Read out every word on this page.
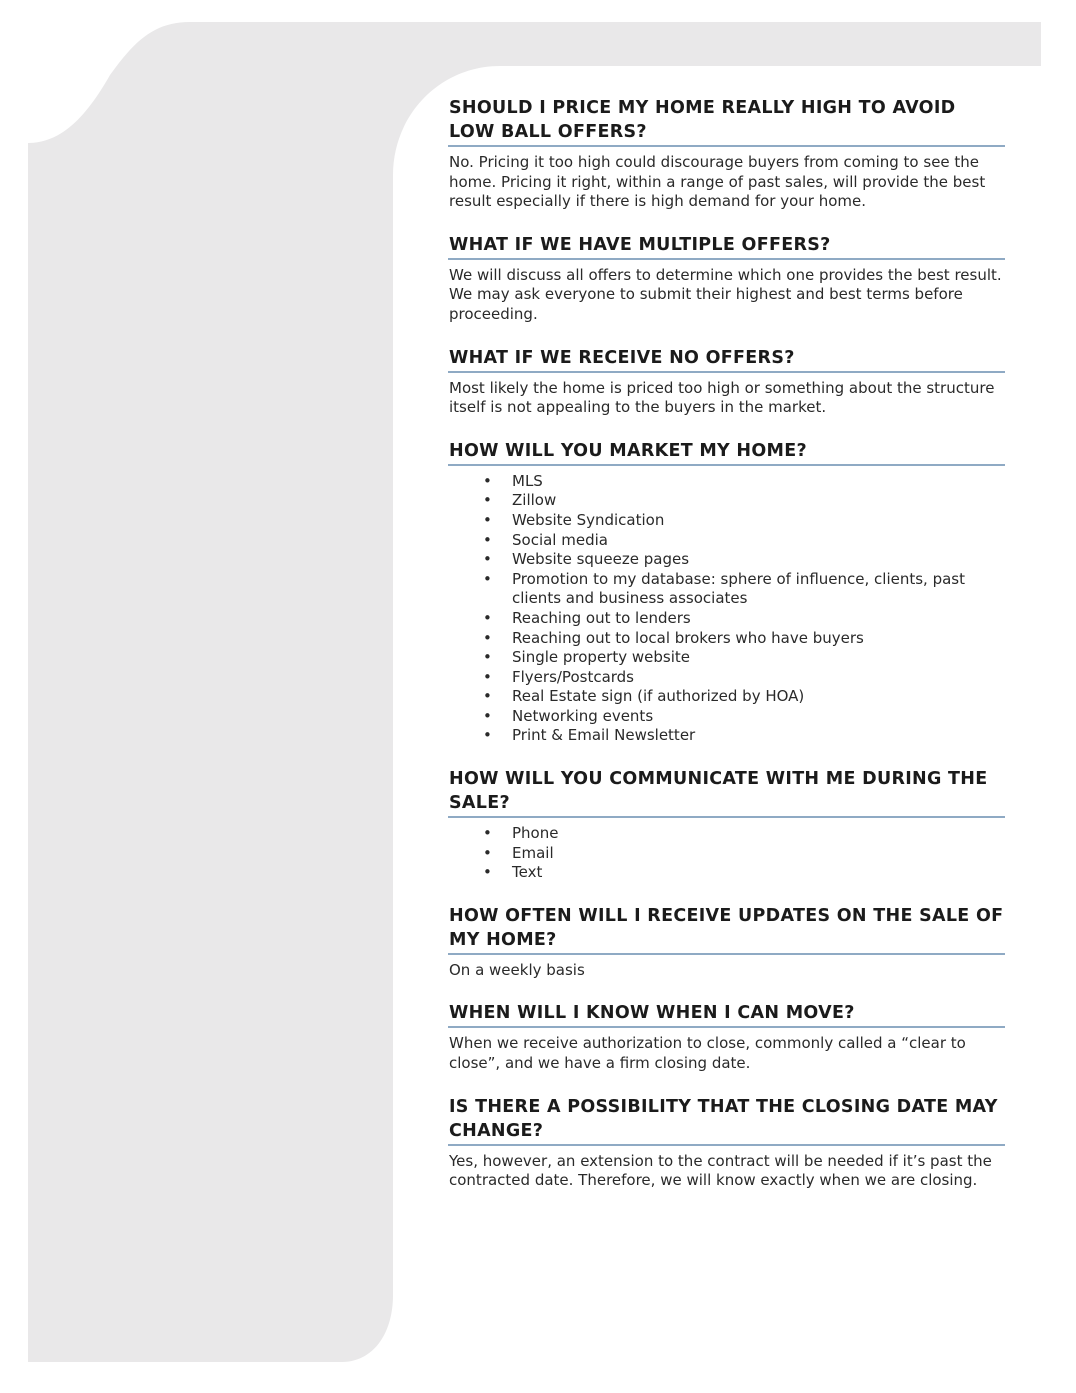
SHOULD I PRICE MY HOME REALLY HIGH TO AVOID LOW BALL OFFERS?

No. Pricing it too high could discourage buyers from coming to see the home. Pricing it right, within a range of past sales, will provide the best result especially if there is high demand for your home.

WHAT IF WE HAVE MULTIPLE OFFERS?

We will discuss all offers to determine which one provides the best result. We may ask everyone to submit their highest and best terms before proceeding.

WHAT IF WE RECEIVE NO OFFERS?

Most likely the home is priced too high or something about the structure itself is not appealing to the buyers in the market.

HOW WILL YOU MARKET MY HOME?
• MLS
• Zillow
• Website Syndication
• Social media
• Website squeeze pages
• Promotion to my database: sphere of influence, clients, past clients and business associates
• Reaching out to lenders
• Reaching out to local brokers who have buyers
• Single property website
• Flyers/Postcards
• Real Estate sign (if authorized by HOA)
• Networking events
• Print & Email Newsletter
HOW WILL YOU COMMUNICATE WITH ME DURING THE SALE?
• Phone
• Email
• Text
HOW OFTEN WILL I RECEIVE UPDATES ON THE SALE OF MY HOME?

On a weekly basis

WHEN WILL I KNOW WHEN I CAN MOVE?

When we receive authorization to close, commonly called a “clear to close”, and we have a firm closing date.

IS THERE A POSSIBILITY THAT THE CLOSING DATE MAY CHANGE?

Yes, however, an extension to the contract will be needed if it’s past the contracted date. Therefore, we will know exactly when we are closing.
